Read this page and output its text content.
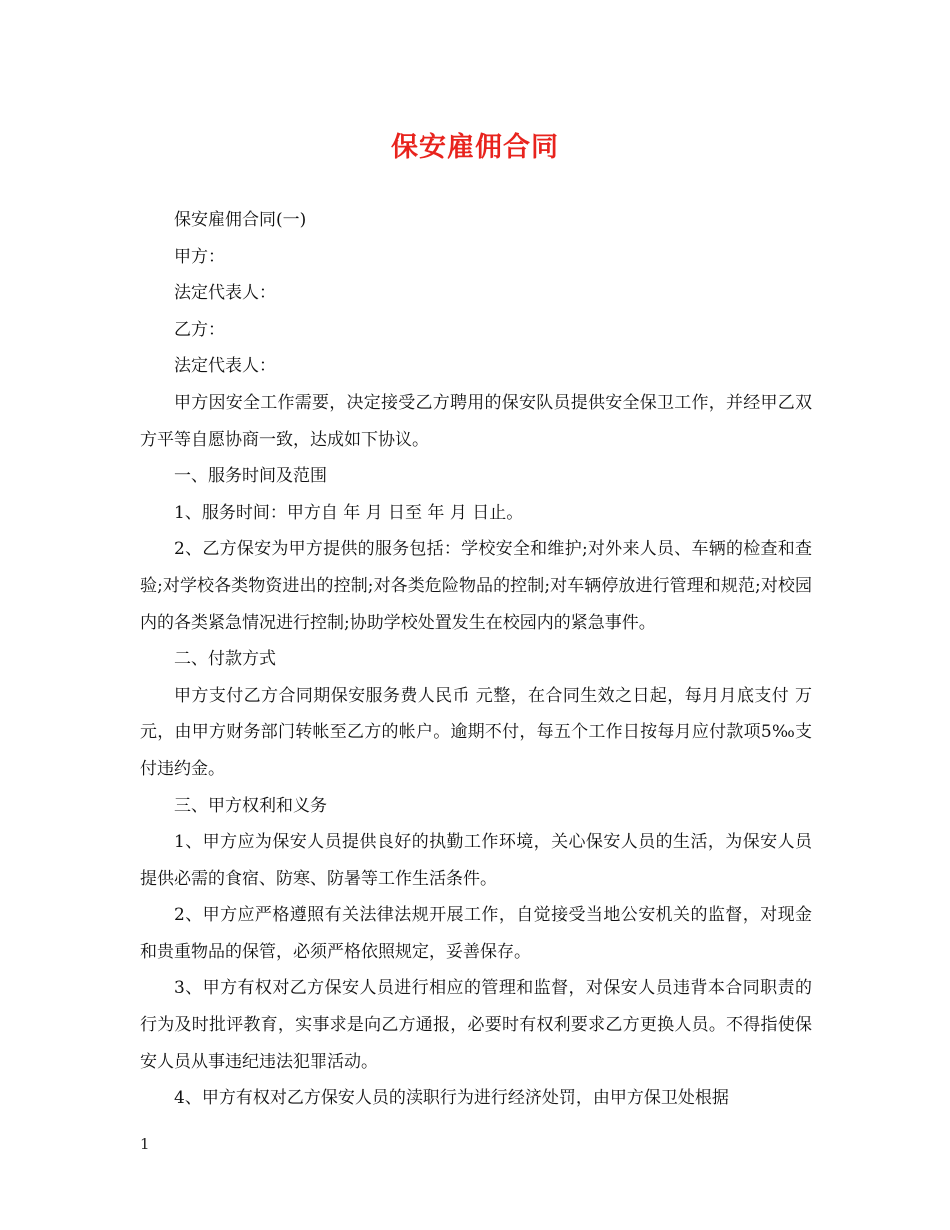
保安雇佣合同

保安雇佣合同(一)

甲方：

法定代表人：

乙方：

法定代表人：

甲方因安全工作需要，决定接受乙方聘用的保安队员提供安全保卫工作，并经甲乙双方平等自愿协商一致，达成如下协议。

一、服务时间及范围

1、服务时间：甲方自 年 月 日至 年 月 日止。

2、乙方保安为甲方提供的服务包括：学校安全和维护;对外来人员、车辆的检查和查验;对学校各类物资进出的控制;对各类危险物品的控制;对车辆停放进行管理和规范;对校园内的各类紧急情况进行控制;协助学校处置发生在校园内的紧急事件。

二、付款方式

甲方支付乙方合同期保安服务费人民币 元整，在合同生效之日起，每月月底支付 万元，由甲方财务部门转帐至乙方的帐户。逾期不付，每五个工作日按每月应付款项5‰支付违约金。

三、甲方权利和义务

1、甲方应为保安人员提供良好的执勤工作环境，关心保安人员的生活，为保安人员提供必需的食宿、防寒、防暑等工作生活条件。

2、甲方应严格遵照有关法律法规开展工作，自觉接受当地公安机关的监督，对现金和贵重物品的保管，必须严格依照规定，妥善保存。

3、甲方有权对乙方保安人员进行相应的管理和监督，对保安人员违背本合同职责的行为及时批评教育，实事求是向乙方通报，必要时有权利要求乙方更换人员。不得指使保安人员从事违纪违法犯罪活动。

4、甲方有权对乙方保安人员的渎职行为进行经济处罚，由甲方保卫处根据

1
